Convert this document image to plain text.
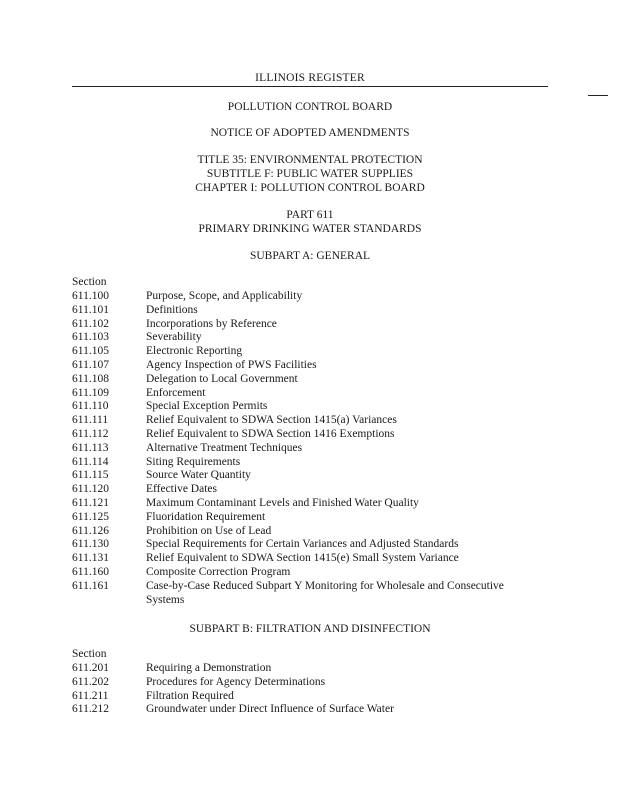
ILLINOIS REGISTER
POLLUTION CONTROL BOARD
NOTICE OF ADOPTED AMENDMENTS
TITLE 35: ENVIRONMENTAL PROTECTION
SUBTITLE F: PUBLIC WATER SUPPLIES
CHAPTER I: POLLUTION CONTROL BOARD
PART 611
PRIMARY DRINKING WATER STANDARDS
SUBPART A: GENERAL
Section
611.100	Purpose, Scope, and Applicability
611.101	Definitions
611.102	Incorporations by Reference
611.103	Severability
611.105	Electronic Reporting
611.107	Agency Inspection of PWS Facilities
611.108	Delegation to Local Government
611.109	Enforcement
611.110	Special Exception Permits
611.111	Relief Equivalent to SDWA Section 1415(a) Variances
611.112	Relief Equivalent to SDWA Section 1416 Exemptions
611.113	Alternative Treatment Techniques
611.114	Siting Requirements
611.115	Source Water Quantity
611.120	Effective Dates
611.121	Maximum Contaminant Levels and Finished Water Quality
611.125	Fluoridation Requirement
611.126	Prohibition on Use of Lead
611.130	Special Requirements for Certain Variances and Adjusted Standards
611.131	Relief Equivalent to SDWA Section 1415(e) Small System Variance
611.160	Composite Correction Program
611.161	Case-by-Case Reduced Subpart Y Monitoring for Wholesale and Consecutive Systems
SUBPART B: FILTRATION AND DISINFECTION
Section
611.201	Requiring a Demonstration
611.202	Procedures for Agency Determinations
611.211	Filtration Required
611.212	Groundwater under Direct Influence of Surface Water
